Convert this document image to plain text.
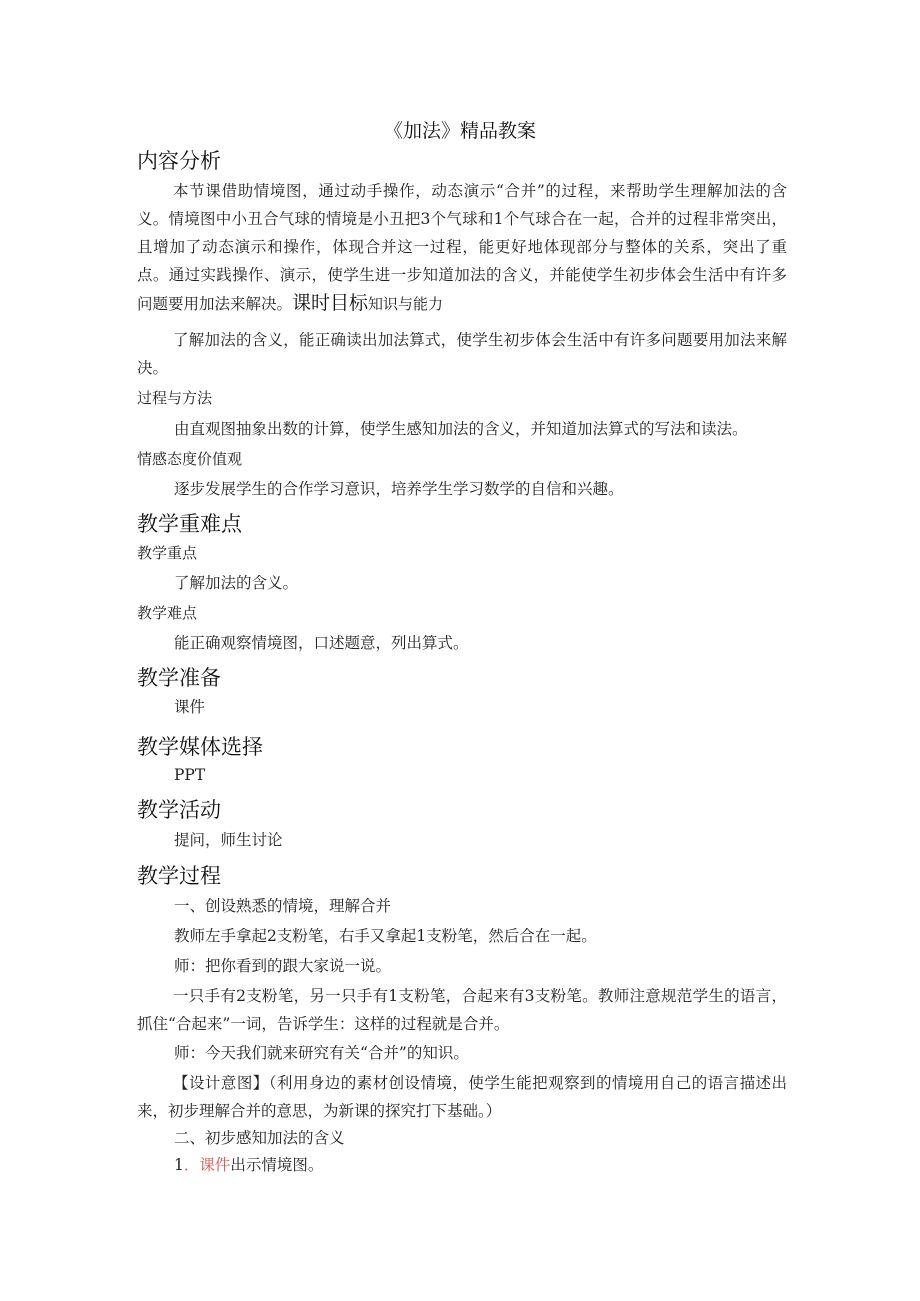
《加法》精品教案
内容分析

本节课借助情境图，通过动手操作，动态演示“合并”的过程，来帮助学生理解加法的含义。情境图中小丑合气球的情境是小丑把3个气球和1个气球合在一起，合并的过程非常突出，且增加了动态演示和操作，体现合并这一过程，能更好地体现部分与整体的关系，突出了重点。通过实践操作、演示，使学生进一步知道加法的含义，并能使学生初步体会生活中有许多问题要用加法来解决。课时目标知识与能力

了解加法的含义，能正确读出加法算式，使学生初步体会生活中有许多问题要用加法来解决。

过程与方法
由直观图抽象出数的计算，使学生感知加法的含义，并知道加法算式的写法和读法。
情感态度价值观
逐步发展学生的合作学习意识，培养学生学习数学的自信和兴趣。
教学重难点
教学重点
了解加法的含义。
教学难点
能正确观察情境图，口述题意，列出算式。
教学准备
课件
教学媒体选择
PPT
教学活动
提问，师生讨论
教学过程
一、创设熟悉的情境，理解合并
教师左手拿起2支粉笔，右手又拿起1支粉笔，然后合在一起。
师：把你看到的跟大家说一说。

一只手有2支粉笔，另一只手有1支粉笔，合起来有3支粉笔。教师注意规范学生的语言，抓住“合起来”一词，告诉学生：这样的过程就是合并。

师：今天我们就来研究有关“合并”的知识。

【设计意图】（利用身边的素材创设情境，使学生能把观察到的情境用自己的语言描述出来，初步理解合并的意思，为新课的探究打下基础。）

二、初步感知加法的含义
1．课件出示情境图。
